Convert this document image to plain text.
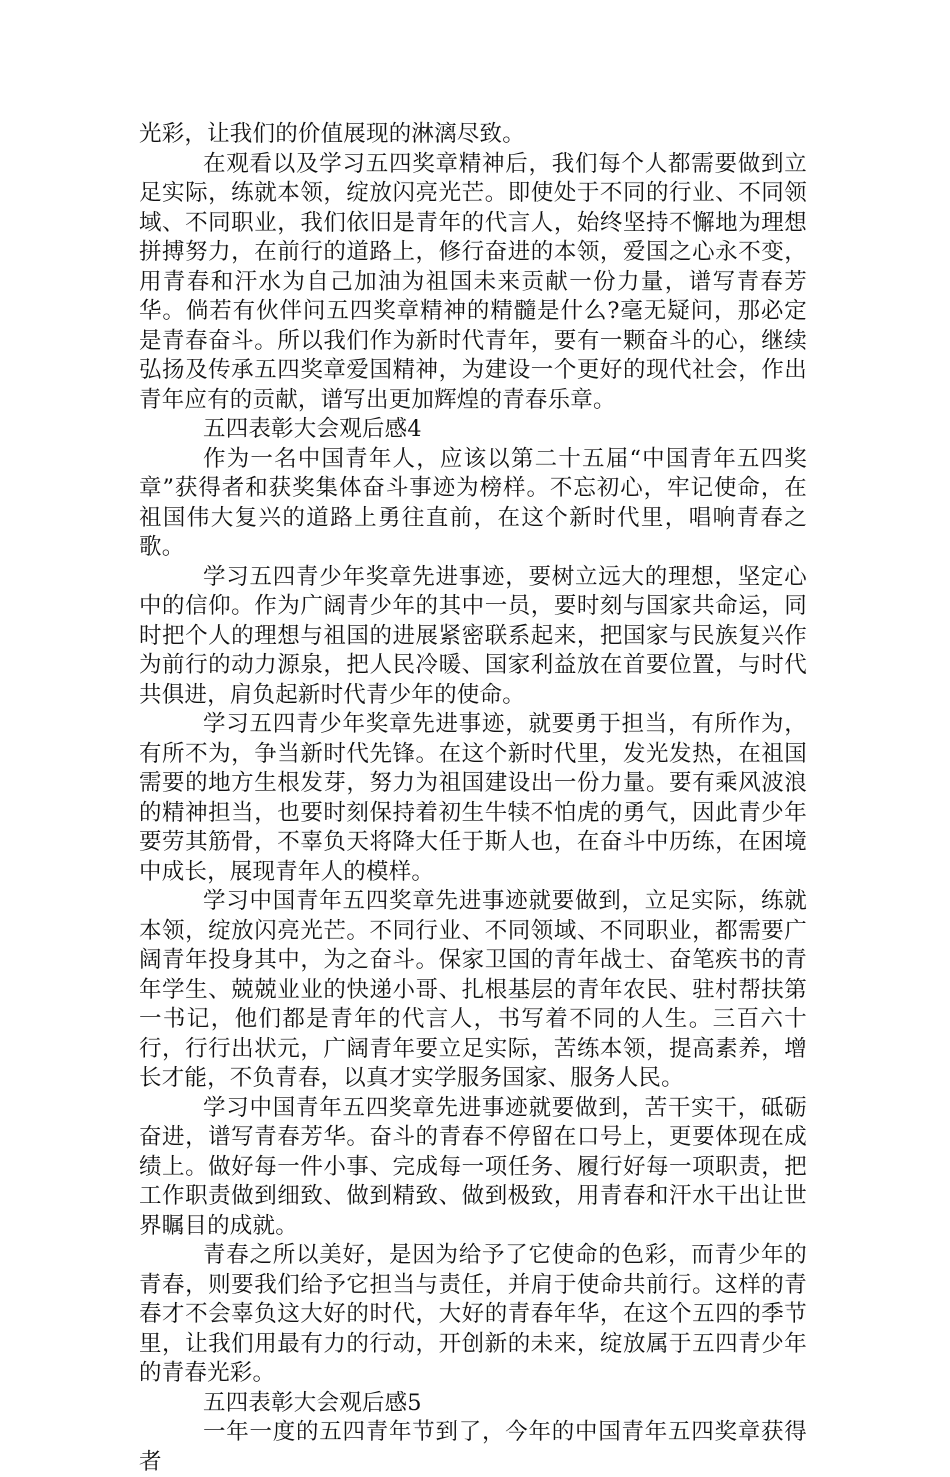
光彩，让我们的价值展现的淋漓尽致。

在观看以及学习五四奖章精神后，我们每个人都需要做到立足实际，练就本领，绽放闪亮光芒。即使处于不同的行业、不同领域、不同职业，我们依旧是青年的代言人，始终坚持不懈地为理想拼搏努力，在前行的道路上，修行奋进的本领，爱国之心永不变，用青春和汗水为自己加油为祖国未来贡献一份力量，谱写青春芳华。倘若有伙伴问五四奖章精神的精髓是什么?毫无疑问，那必定是青春奋斗。所以我们作为新时代青年，要有一颗奋斗的心，继续弘扬及传承五四奖章爱国精神，为建设一个更好的现代社会，作出青年应有的贡献，谱写出更加辉煌的青春乐章。

五四表彰大会观后感4

作为一名中国青年人，应该以第二十五届“中国青年五四奖章”获得者和获奖集体奋斗事迹为榜样。不忘初心，牢记使命，在祖国伟大复兴的道路上勇往直前，在这个新时代里，唱响青春之歌。

学习五四青少年奖章先进事迹，要树立远大的理想，坚定心中的信仰。作为广阔青少年的其中一员，要时刻与国家共命运，同时把个人的理想与祖国的进展紧密联系起来，把国家与民族复兴作为前行的动力源泉，把人民冷暖、国家利益放在首要位置，与时代共俱进，肩负起新时代青少年的使命。

学习五四青少年奖章先进事迹，就要勇于担当，有所作为，有所不为，争当新时代先锋。在这个新时代里，发光发热，在祖国需要的地方生根发芽，努力为祖国建设出一份力量。要有乘风波浪的精神担当，也要时刻保持着初生牛犊不怕虎的勇气，因此青少年要劳其筋骨，不辜负天将降大任于斯人也，在奋斗中历练，在困境中成长，展现青年人的模样。

学习中国青年五四奖章先进事迹就要做到，立足实际，练就本领，绽放闪亮光芒。不同行业、不同领域、不同职业，都需要广阔青年投身其中，为之奋斗。保家卫国的青年战士、奋笔疾书的青年学生、兢兢业业的快递小哥、扎根基层的青年农民、驻村帮扶第一书记，他们都是青年的代言人，书写着不同的人生。三百六十行，行行出状元，广阔青年要立足实际，苦练本领，提高素养，增长才能，不负青春，以真才实学服务国家、服务人民。

学习中国青年五四奖章先进事迹就要做到，苦干实干，砥砺奋进，谱写青春芳华。奋斗的青春不停留在口号上，更要体现在成绩上。做好每一件小事、完成每一项任务、履行好每一项职责，把工作职责做到细致、做到精致、做到极致，用青春和汗水干出让世界瞩目的成就。

青春之所以美好，是因为给予了它使命的色彩，而青少年的青春，则要我们给予它担当与责任，并肩于使命共前行。这样的青春才不会辜负这大好的时代，大好的青春年华，在这个五四的季节里，让我们用最有力的行动，开创新的未来，绽放属于五四青少年的青春光彩。

五四表彰大会观后感5

一年一度的五四青年节到了，今年的中国青年五四奖章获得者
